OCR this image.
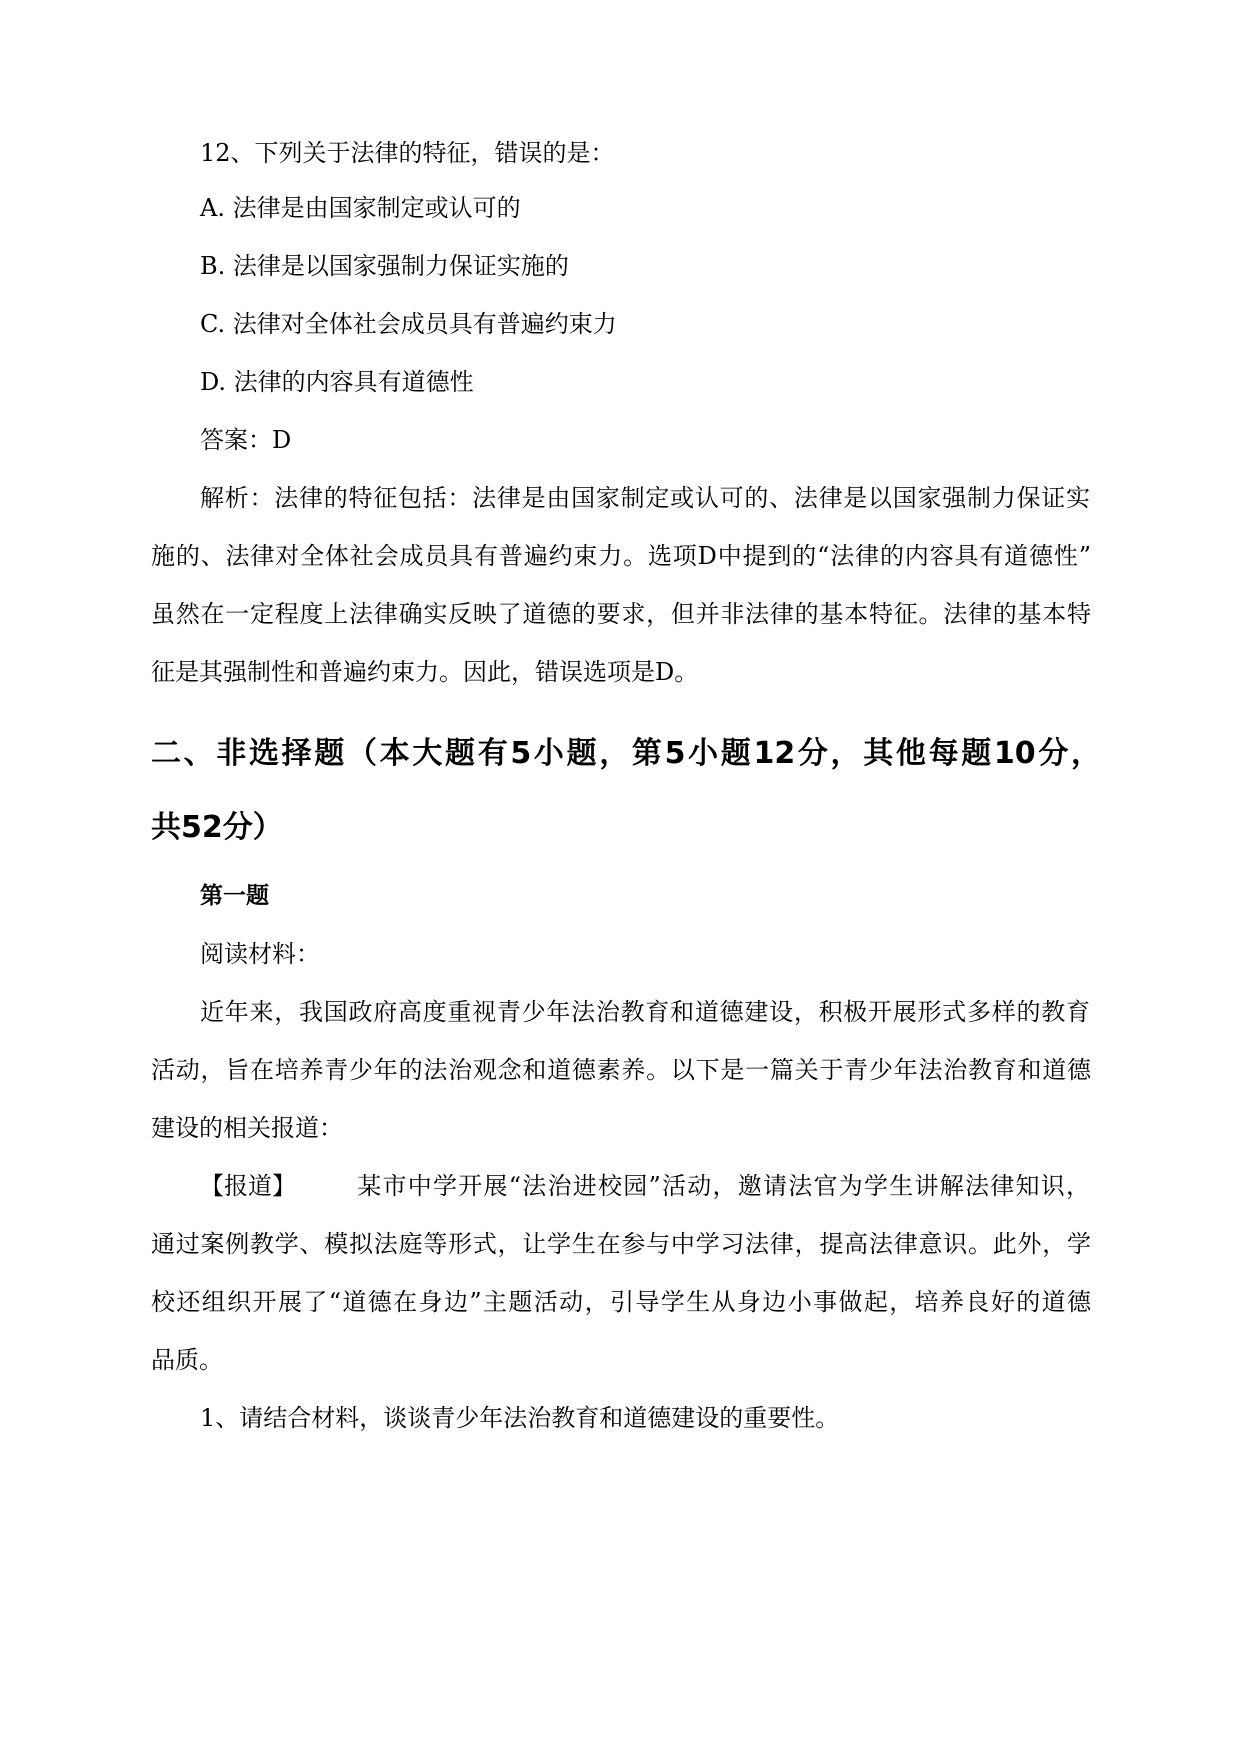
12、下列关于法律的特征，错误的是：
A. 法律是由国家制定或认可的
B. 法律是以国家强制力保证实施的
C. 法律对全体社会成员具有普遍约束力
D. 法律的内容具有道德性
答案：D
解析：法律的特征包括：法律是由国家制定或认可的、法律是以国家强制力保证实
施的、法律对全体社会成员具有普遍约束力。选项D中提到的“法律的内容具有道德性”
虽然在一定程度上法律确实反映了道德的要求，但并非法律的基本特征。法律的基本特
征是其强制性和普遍约束力。因此，错误选项是D。
二、非选择题（本大题有5小题，第5小题12分，其他每题10分，
共52分）
第一题
阅读材料：
近年来，我国政府高度重视青少年法治教育和道德建设，积极开展形式多样的教育
活动，旨在培养青少年的法治观念和道德素养。以下是一篇关于青少年法治教育和道德
建设的相关报道：
【报道】	某市中学开展“法治进校园”活动，邀请法官为学生讲解法律知识，
通过案例教学、模拟法庭等形式，让学生在参与中学习法律，提高法律意识。此外，学
校还组织开展了“道德在身边”主题活动，引导学生从身边小事做起，培养良好的道德
品质。
1、请结合材料，谈谈青少年法治教育和道德建设的重要性。
